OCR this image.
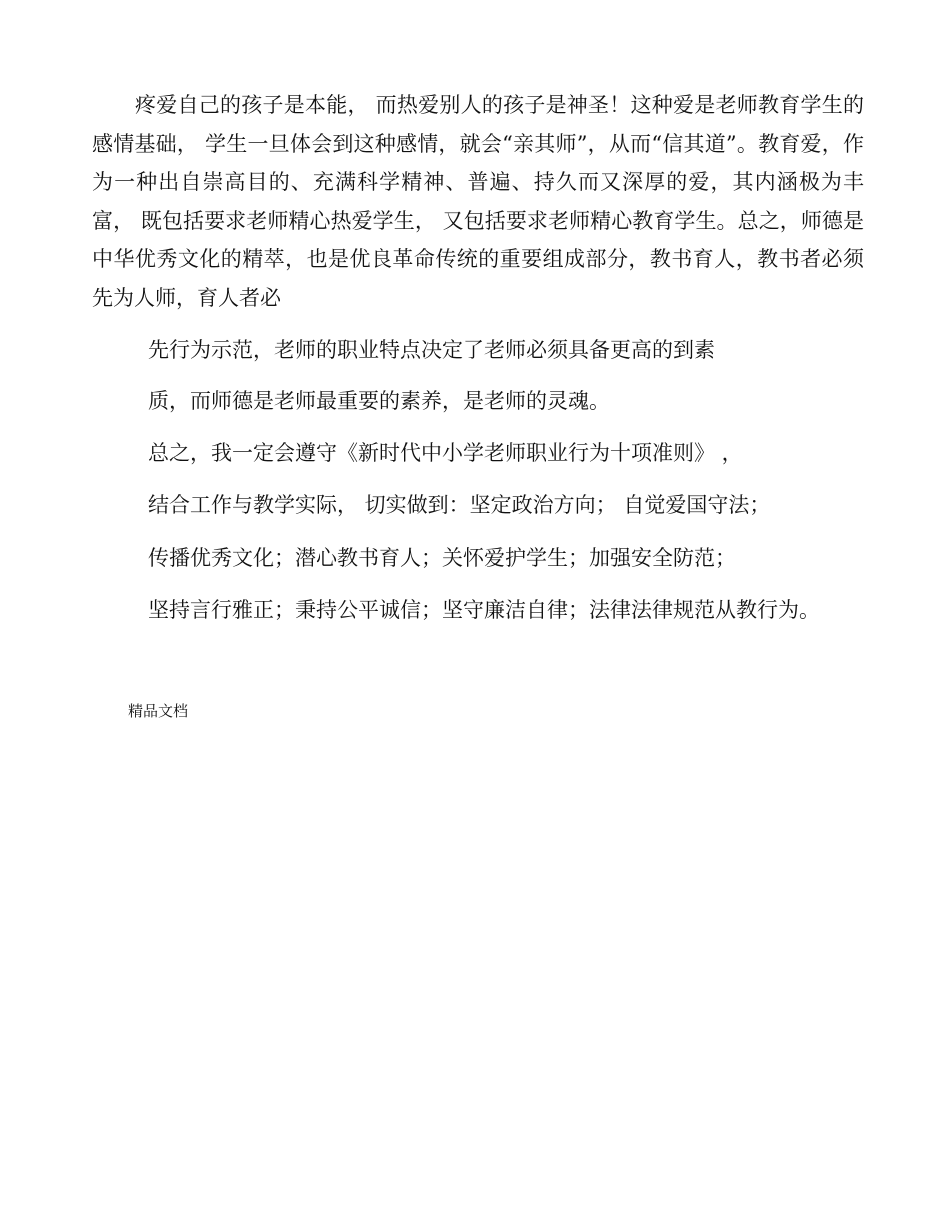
疼爱自己的孩子是本能， 而热爱别人的孩子是神圣！这种爱是老师教育学生的感情基础， 学生一旦体会到这种感情，就会“亲其师”，从而“信其道”。教育爱，作为一种出自崇高目的、充满科学精神、普遍、持久而又深厚的爱，其内涵极为丰富， 既包括要求老师精心热爱学生， 又包括要求老师精心教育学生。总之，师德是中华优秀文化的精萃，也是优良革命传统的重要组成部分，教书育人，教书者必须先为人师，育人者必

先行为示范，老师的职业特点决定了老师必须具备更高的到素

质，而师德是老师最重要的素养，是老师的灵魂。

总之，我一定会遵守《新时代中小学老师职业行为十项准则》 ，

结合工作与教学实际， 切实做到：坚定政治方向； 自觉爱国守法；

传播优秀文化；潜心教书育人；关怀爱护学生；加强安全防范；

坚持言行雅正；秉持公平诚信；坚守廉洁自律；法律法律规范从教行为。

精品文档
